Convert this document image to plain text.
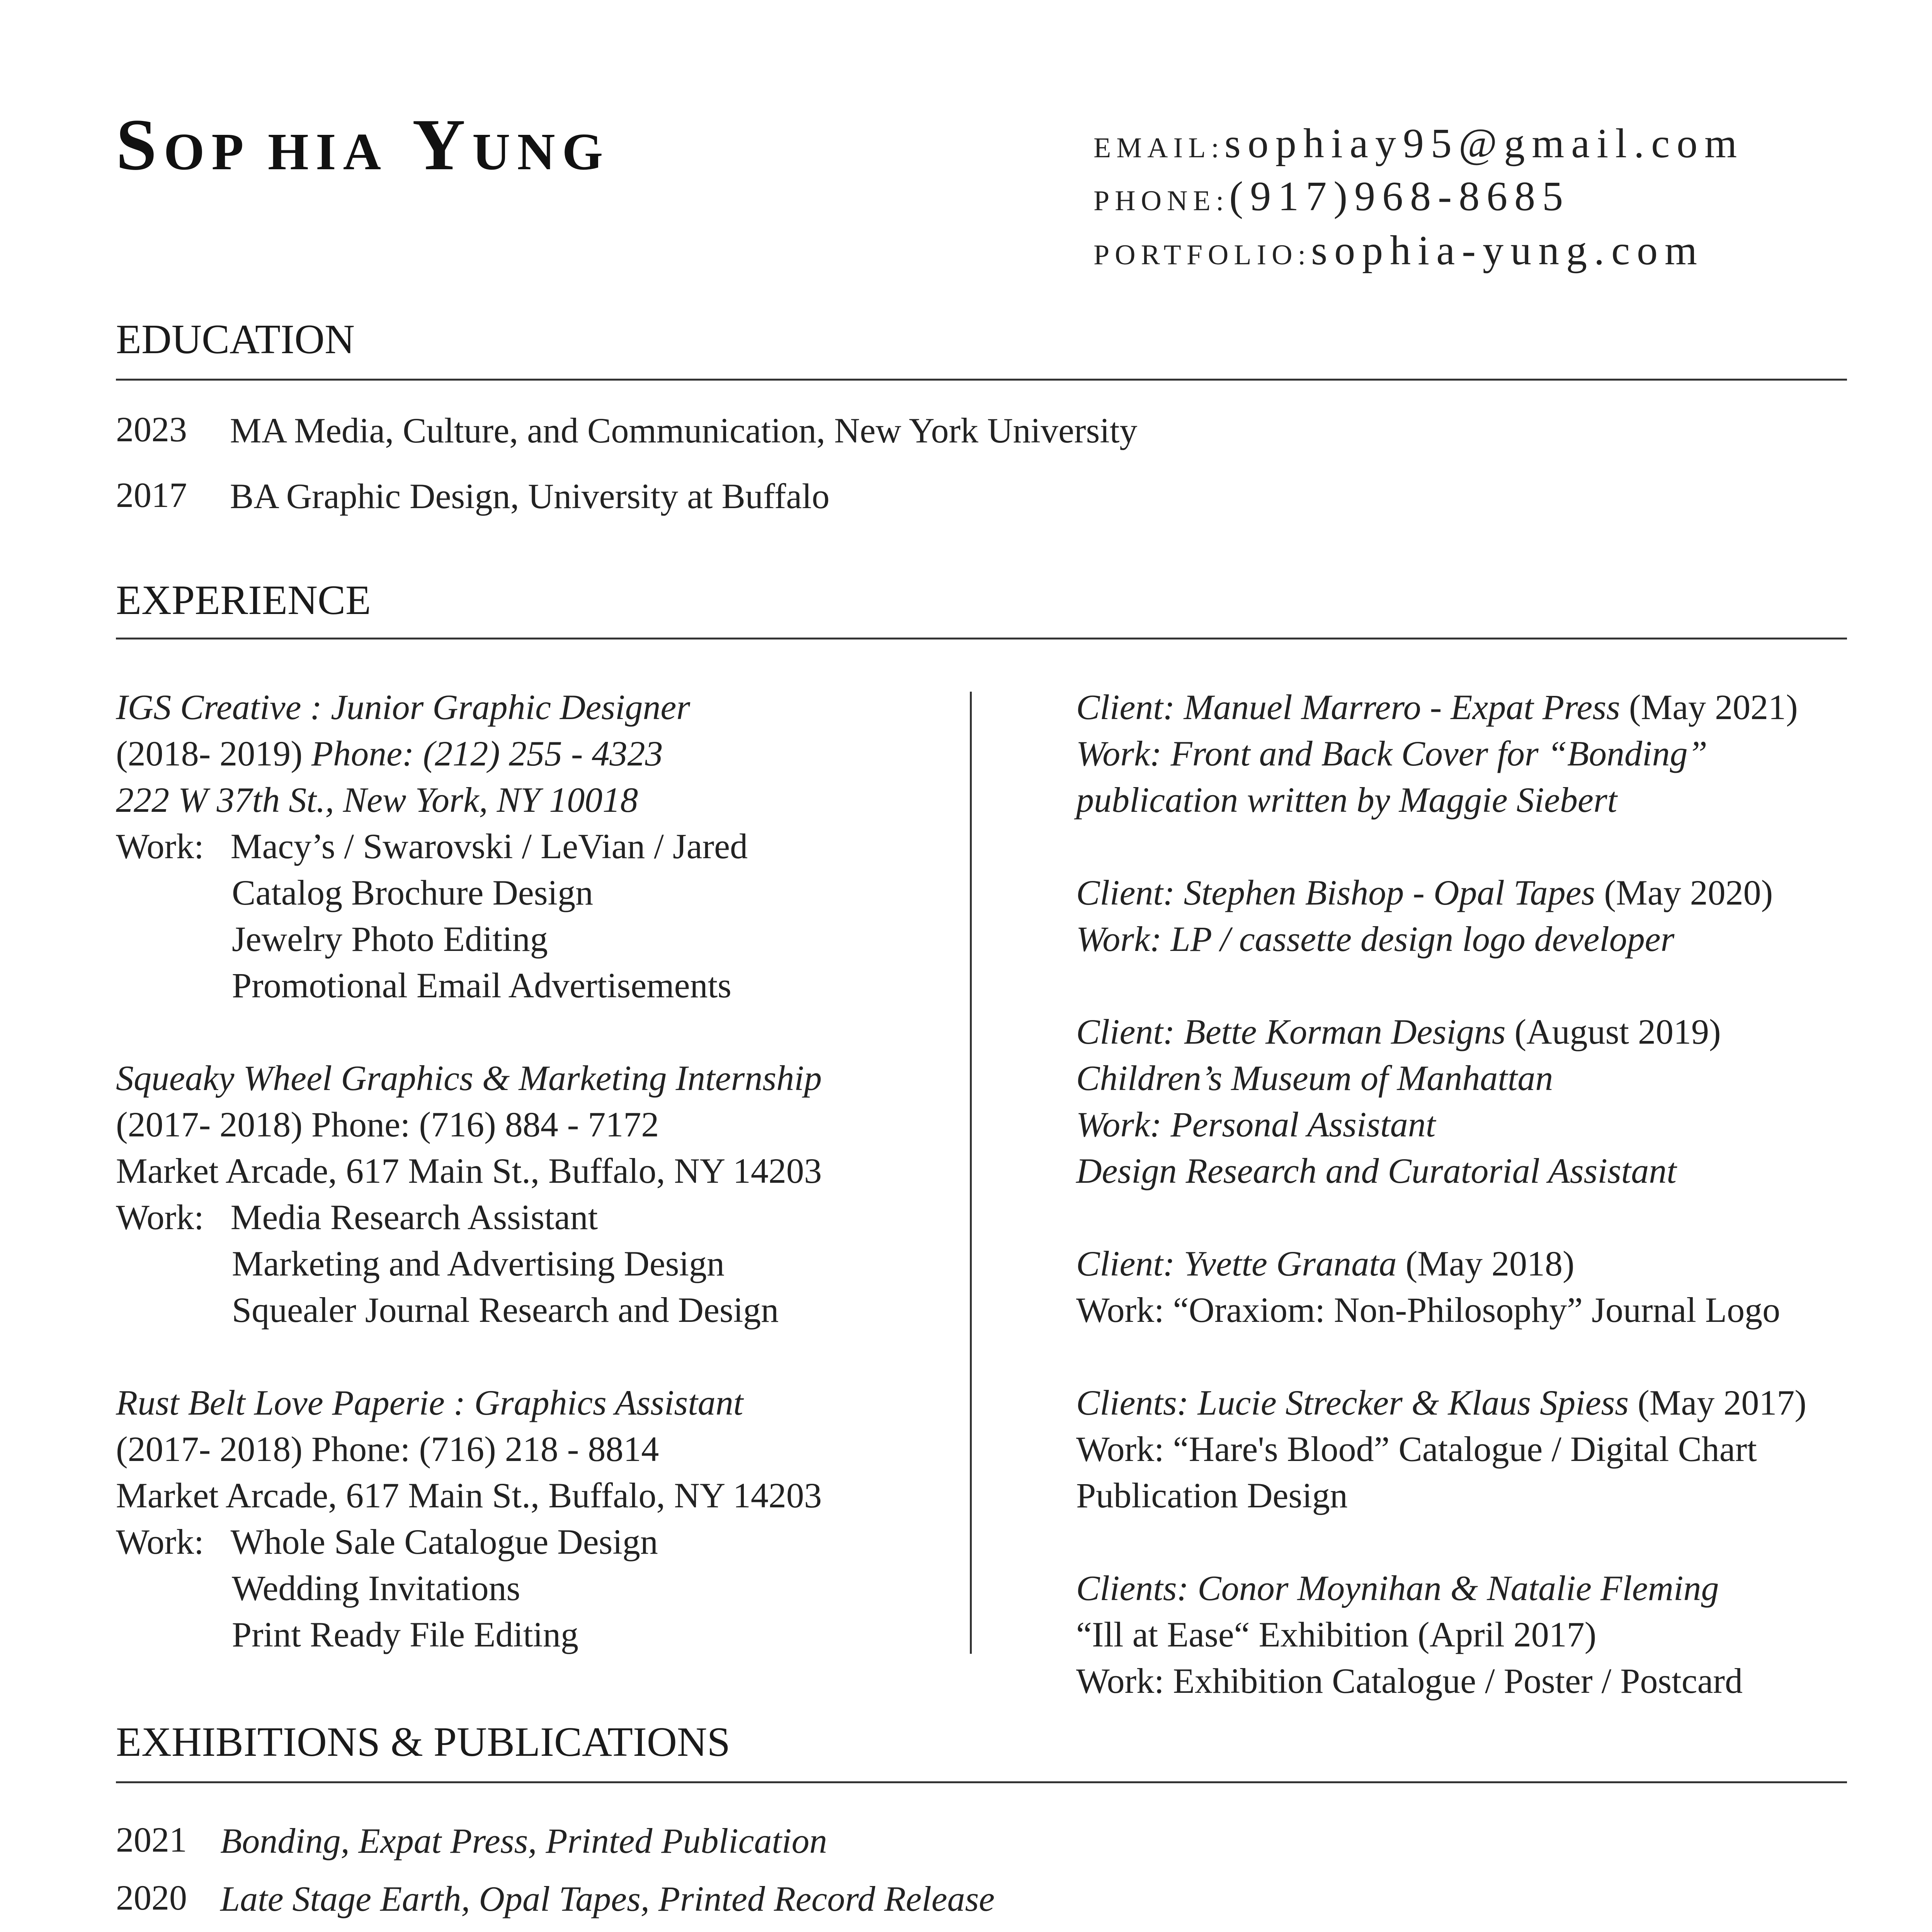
SOP HIA YUNG	EMAIL:sophiay95@gmail.com
PHONE:(917)968-8685
PORTFOLIO:sophia-yung.com
EDUCATION
2023 MA Media, Culture, and Communication, New York University
2017 BA Graphic Design, University at Buffalo
EXPERIENCE

IGS Creative : Junior Graphic Designer

(2018- 2019) Phone: (212) 255 - 4323

222 W 37th St., New York, NY 10018

Work: Macy’s / Swarovski / LeVian / Jared

Catalog Brochure Design

Jewelry Photo Editing

Promotional Email Advertisements

Squeaky Wheel Graphics & Marketing Internship

(2017- 2018) Phone: (716) 884 - 7172

Market Arcade, 617 Main St., Buffalo, NY 14203

Work: Media Research Assistant

Marketing and Advertising Design

Squealer Journal Research and Design

Rust Belt Love Paperie : Graphics Assistant

(2017- 2018) Phone: (716) 218 - 8814

Market Arcade, 617 Main St., Buffalo, NY 14203

Work: Whole Sale Catalogue Design

Wedding Invitations

Print Ready File Editing

Client: Manuel Marrero - Expat Press (May 2021)

Work: Front and Back Cover for “Bonding”

publication written by Maggie Siebert

Client: Stephen Bishop - Opal Tapes (May 2020)

Work: LP / cassette design logo developer

Client: Bette Korman Designs (August 2019)

Children’s Museum of Manhattan

Work: Personal Assistant

Design Research and Curatorial Assistant

Client: Yvette Granata (May 2018)

Work: “Oraxiom: Non-Philosophy” Journal Logo

Clients: Lucie Strecker & Klaus Spiess (May 2017)

Work: “Hare's Blood” Catalogue / Digital Chart

Publication Design

Clients: Conor Moynihan & Natalie Fleming

“Ill at Ease“ Exhibition (April 2017)

Work: Exhibition Catalogue / Poster / Postcard

EXHIBITIONS & PUBLICATIONS
2021 Bonding, Expat Press, Printed Publication
2020 Late Stage Earth, Opal Tapes, Printed Record Release
